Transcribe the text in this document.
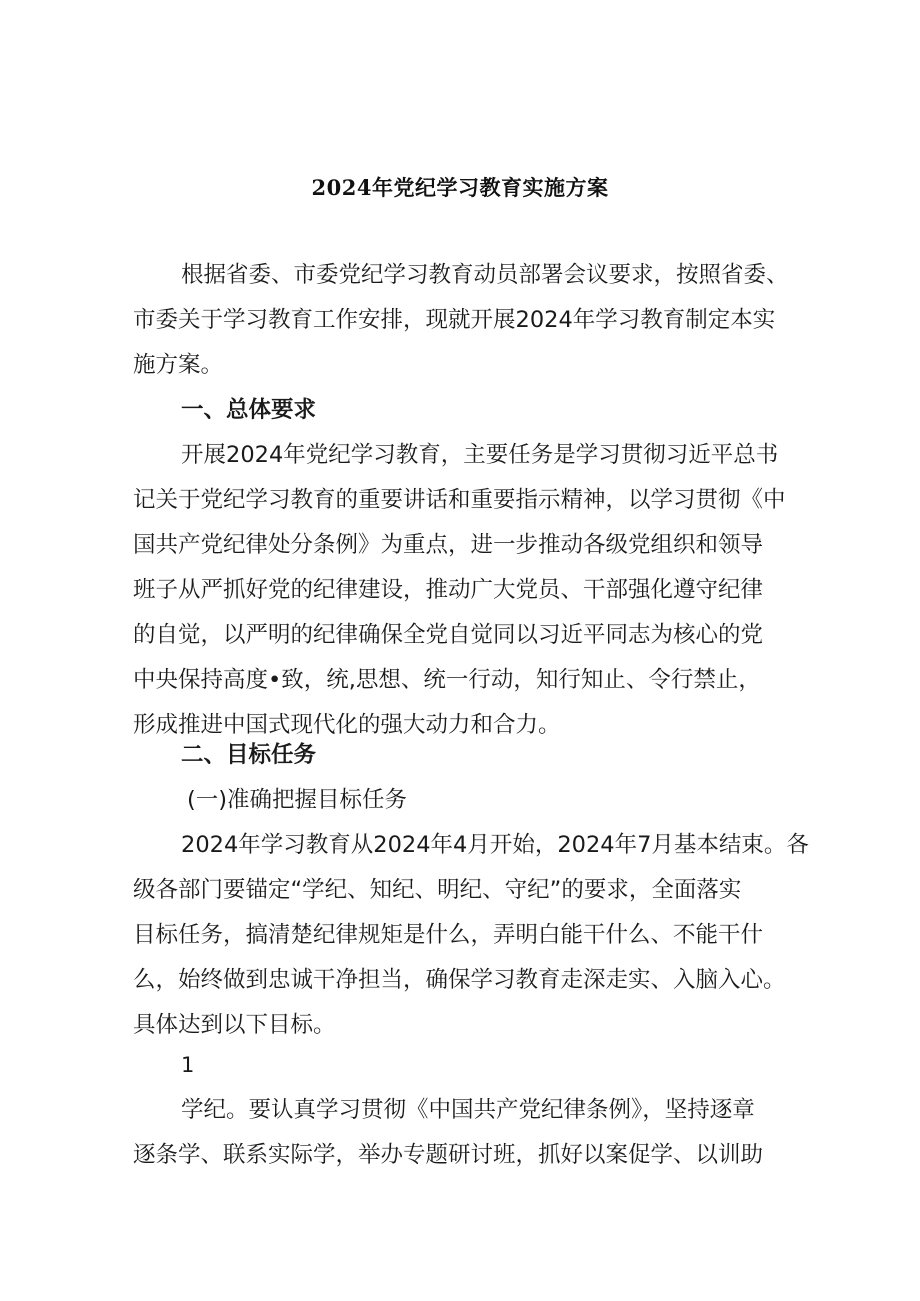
2024年党纪学习教育实施方案
根据省委、市委党纪学习教育动员部署会议要求，按照省委、
市委关于学习教育工作安排，现就开展2024年学习教育制定本实
施方案。
一、总体要求
开展2024年党纪学习教育，主要任务是学习贯彻习近平总书
记关于党纪学习教育的重要讲话和重要指示精神，以学习贯彻《中
国共产党纪律处分条例》为重点，进一步推动各级党组织和领导
班子从严抓好党的纪律建设，推动广大党员、干部强化遵守纪律
的自觉，以严明的纪律确保全党自觉同以习近平同志为核心的党
中央保持高度•致，统,思想、统一行动，知行知止、令行禁止，
形成推进中国式现代化的强大动力和合力。
二、目标任务
(一)准确把握目标任务
2024年学习教育从2024年4月开始，2024年7月基本结束。各
级各部门要锚定“学纪、知纪、明纪、守纪”的要求，全面落实
目标任务，搞清楚纪律规矩是什么，弄明白能干什么、不能干什
么，始终做到忠诚干净担当，确保学习教育走深走实、入脑入心。
具体达到以下目标。
1
学纪。要认真学习贯彻《中国共产党纪律条例》，坚持逐章
逐条学、联系实际学，举办专题研讨班，抓好以案促学、以训助
